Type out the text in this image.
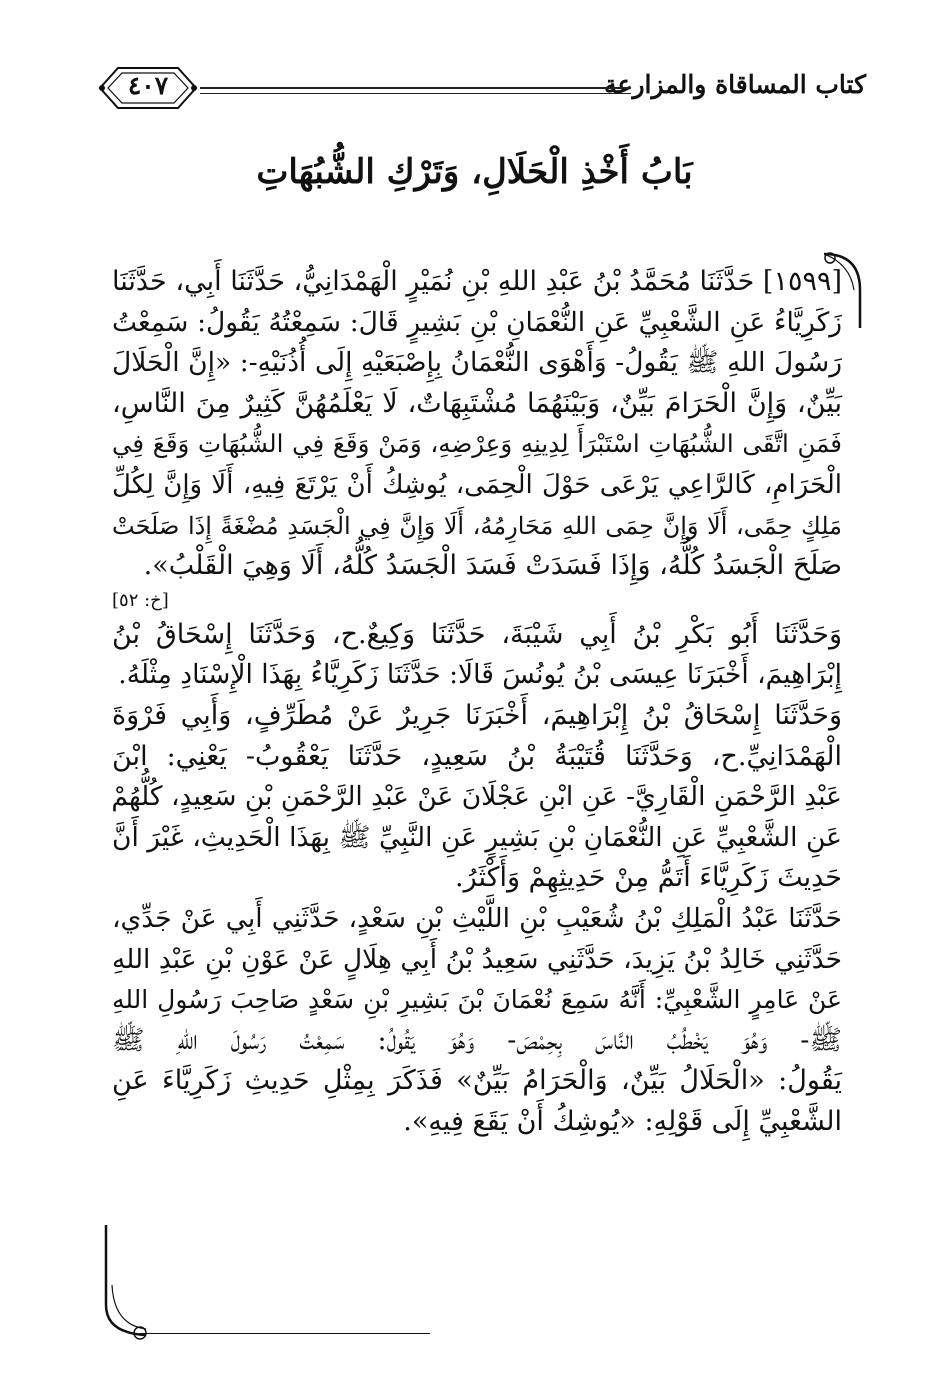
كتاب المساقاة والمزارعة
٤٠٧
بَابُ أَخْذِ الْحَلَالِ، وَتَرْكِ الشُّبُهَاتِ

[١٥٩٩] حَدَّثَنَا مُحَمَّدُ بْنُ عَبْدِ اللهِ بْنِ نُمَيْرٍ الْهَمْدَانِيُّ، حَدَّثَنَا أَبِي، حَدَّثَنَا

زَكَرِيَّاءُ عَنِ الشَّعْبِيِّ عَنِ النُّعْمَانِ بْنِ بَشِيرٍ قَالَ: سَمِعْتُهُ يَقُولُ: سَمِعْتُ

رَسُولَ اللهِ ﷺ يَقُولُ- وَأَهْوَى النُّعْمَانُ بِإِصْبَعَيْهِ إِلَى أُذُنَيْهِ-: «إِنَّ الْحَلَالَ

بَيِّنٌ، وَإِنَّ الْحَرَامَ بَيِّنٌ، وَبَيْنَهُمَا مُشْتَبِهَاتٌ، لَا يَعْلَمُهُنَّ كَثِيرٌ مِنَ النَّاسِ،

فَمَنِ اتَّقَى الشُّبُهَاتِ اسْتَبْرَأَ لِدِينِهِ وَعِرْضِهِ، وَمَنْ وَقَعَ فِي الشُّبُهَاتِ وَقَعَ فِي

الْحَرَامِ، كَالرَّاعِي يَرْعَى حَوْلَ الْحِمَى، يُوشِكُ أَنْ يَرْتَعَ فِيهِ، أَلَا وَإِنَّ لِكُلِّ

مَلِكٍ حِمًى، أَلَا وَإِنَّ حِمَى اللهِ مَحَارِمُهُ، أَلَا وَإِنَّ فِي الْجَسَدِ مُضْغَةً إِذَا صَلَحَتْ

صَلَحَ الْجَسَدُ كُلُّهُ، وَإِذَا فَسَدَتْ فَسَدَ الْجَسَدُ كُلُّهُ، أَلَا وَهِيَ الْقَلْبُ».

[خ: ٥٢]

وَحَدَّثَنَا أَبُو بَكْرِ بْنُ أَبِي شَيْبَةَ، حَدَّثَنَا وَكِيعٌ.ح، وَحَدَّثَنَا إِسْحَاقُ بْنُ

إِبْرَاهِيمَ، أَخْبَرَنَا عِيسَى بْنُ يُونُسَ قَالَا: حَدَّثَنَا زَكَرِيَّاءُ بِهَذَا الْإِسْنَادِ مِثْلَهُ.

وَحَدَّثَنَا إِسْحَاقُ بْنُ إِبْرَاهِيمَ، أَخْبَرَنَا جَرِيرٌ عَنْ مُطَرِّفٍ، وَأَبِي فَرْوَةَ

الْهَمْدَانِيِّ.ح، وَحَدَّثَنَا قُتَيْبَةُ بْنُ سَعِيدٍ، حَدَّثَنَا يَعْقُوبُ- يَعْنِي: ابْنَ

عَبْدِ الرَّحْمَنِ الْقَارِيَّ- عَنِ ابْنِ عَجْلَانَ عَنْ عَبْدِ الرَّحْمَنِ بْنِ سَعِيدٍ، كُلُّهُمْ

عَنِ الشَّعْبِيِّ عَنِ النُّعْمَانِ بْنِ بَشِيرٍ عَنِ النَّبِيِّ ﷺ بِهَذَا الْحَدِيثِ، غَيْرَ أَنَّ

حَدِيثَ زَكَرِيَّاءَ أَتَمُّ مِنْ حَدِيثِهِمْ وَأَكْثَرُ.

حَدَّثَنَا عَبْدُ الْمَلِكِ بْنُ شُعَيْبِ بْنِ اللَّيْثِ بْنِ سَعْدٍ، حَدَّثَنِي أَبِي عَنْ جَدِّي،

حَدَّثَنِي خَالِدُ بْنُ يَزِيدَ، حَدَّثَنِي سَعِيدُ بْنُ أَبِي هِلَالٍ عَنْ عَوْنِ بْنِ عَبْدِ اللهِ

عَنْ عَامِرٍ الشَّعْبِيِّ: أَنَّهُ سَمِعَ نُعْمَانَ بْنَ بَشِيرِ بْنِ سَعْدٍ صَاحِبَ رَسُولِ اللهِ

ﷺ- وَهُوَ يَخْطُبُ النَّاسَ بِحِمْصَ- وَهُوَ يَقُولُ: سَمِعْتُ رَسُولَ اللهِ ﷺ

يَقُولُ: «الْحَلَالُ بَيِّنٌ، وَالْحَرَامُ بَيِّنٌ» فَذَكَرَ بِمِثْلِ حَدِيثِ زَكَرِيَّاءَ عَنِ

الشَّعْبِيِّ إِلَى قَوْلِهِ: «يُوشِكُ أَنْ يَقَعَ فِيهِ».
